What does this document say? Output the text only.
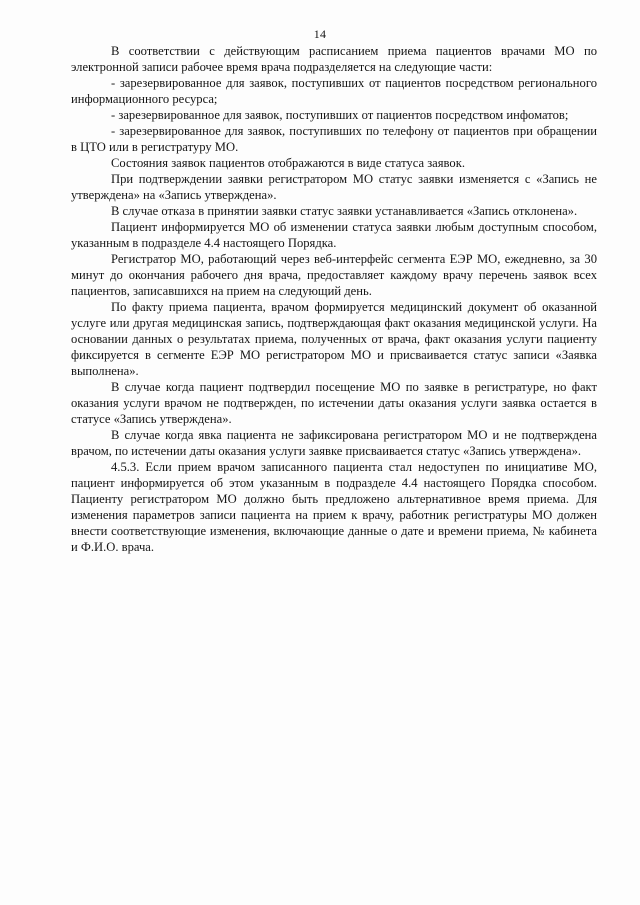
14

В соответствии с действующим расписанием приема пациентов врачами МО по электронной записи рабочее время врача подразделяется на следующие части:

- зарезервированное для заявок, поступивших от пациентов посредством регионального информационного ресурса;

- зарезервированное для заявок, поступивших от пациентов посредством инфоматов;

- зарезервированное для заявок, поступивших по телефону от пациентов при обращении в ЦТО или в регистратуру МО.

Состояния заявок пациентов отображаются в виде статуса заявок.

При подтверждении заявки регистратором МО статус заявки изменяется с «Запись не утверждена» на «Запись утверждена».

В случае отказа в принятии заявки статус заявки устанавливается «Запись отклонена».

Пациент информируется МО об изменении статуса заявки любым доступным способом, указанным в подразделе 4.4 настоящего Порядка.

Регистратор МО, работающий через веб-интерфейс сегмента ЕЭР МО, ежедневно, за 30 минут до окончания рабочего дня врача, предоставляет каждому врачу перечень заявок всех пациентов, записавшихся на прием на следующий день.

По факту приема пациента, врачом формируется медицинский документ об оказанной услуге или другая медицинская запись, подтверждающая факт оказания медицинской услуги. На основании данных о результатах приема, полученных от врача, факт оказания услуги пациенту фиксируется в сегменте ЕЭР МО регистратором МО и присваивается статус записи «Заявка выполнена».

В случае когда пациент подтвердил посещение МО по заявке в регистратуре, но факт оказания услуги врачом не подтвержден, по истечении даты оказания услуги заявка остается в статусе «Запись утверждена».

В случае когда явка пациента не зафиксирована регистратором МО и не подтверждена врачом, по истечении даты оказания услуги заявке присваивается статус «Запись утверждена».

4.5.3. Если прием врачом записанного пациента стал недоступен по инициативе МО, пациент информируется об этом указанным в подразделе 4.4 настоящего Порядка способом. Пациенту регистратором МО должно быть предложено альтернативное время приема. Для изменения параметров записи пациента на прием к врачу, работник регистратуры МО должен внести соответствующие изменения, включающие данные о дате и времени приема, № кабинета и Ф.И.О. врача.
